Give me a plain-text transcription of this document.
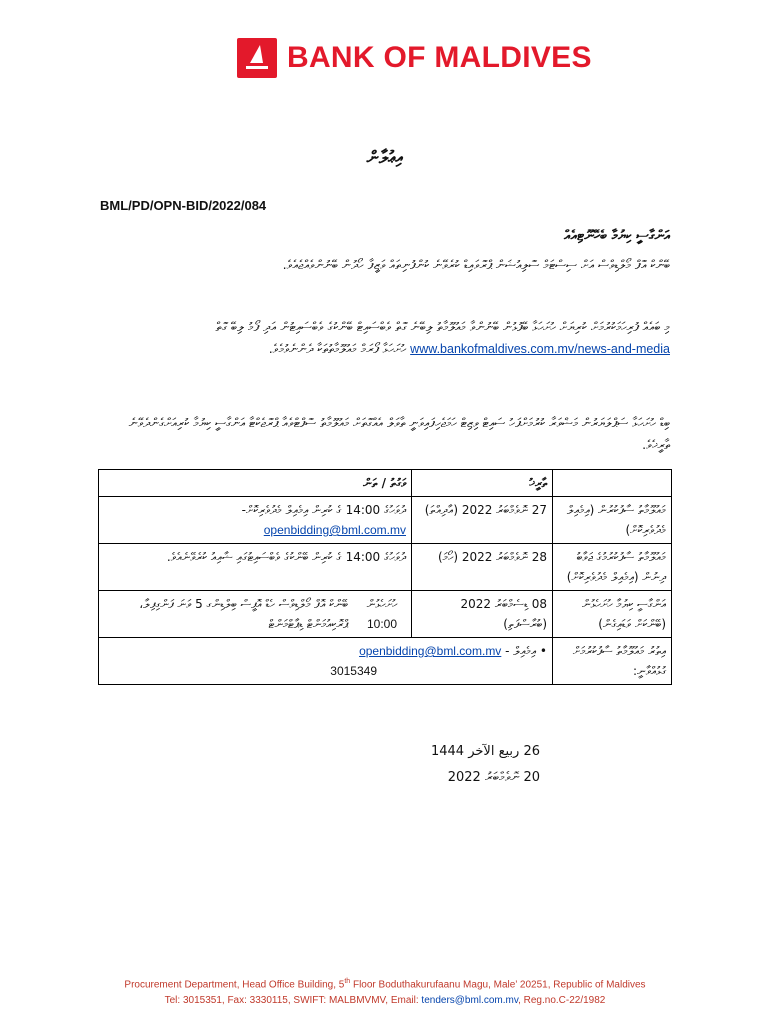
BANK OF MALDIVES
އިޢުލާން
BML/PD/OPN-BID/2022/084
އަންގާސީ ކިޔުމާ ބެހޭނޫޓިއެއް
ބޭންކް އޮފް މޯލްޑިވްސް އަށް ސިސްޓަމް ސޮލިއުޝަން ޕްރޮވައިޑް ކުރެވޭނެ ކުންފުނިތައް ވަޒީފާ ހޯދުން ބޭނުންވެއްޖެއެވެ.
މި ބައެއް ފުރިހަމަކުރުމަށް ކުރިޔަށް ހުށަހަޅާ ބޭފުޅުން ބޭނުންވާ މައުލޫމާތު ލިބޭނެ ގޮތް ވެބްސައިޓް ބޭންކުގެ ވެބްސައިޓުން އަދި ފޯމު ލިބޭ ގޮތް www.bankofmaldives.com.mv/news-and-media ހުށަހަޅާ ފޯރަމް މައުލޫމާތުތަކާ ދެންނެވުމެވެ.
ބިޑް ހުށަހަޅާ ސަޕްލަޔަރުން މަޝްވަރާ ކުރުމަށްފަހު ސައިޓް ވިޒިޓް ހަމަޖެހިފައިވަނީ ތާވަލް އެއްގޮތަށް މައުލޫމާތު ސޮފްޓްވެއާ ޕްރޮޖެކްޓާ އަންގާސީ ކިޔުމާ ކުރިއަށްގެންދެވޭނެ ތާރީޚެވެ.
	ތާރީޚު	ވަގުތު / ތަން
މައުލޫމާތު ސާފުކުރުން (އިމެއިލް މެދުވެރިކޮށް)	27 ނޮވެމްބަރު 2022 (އާދިއްތަ)	ދުވަހުގެ 14:00 ގެ ކުރިން އިމެއިލް މެދުވެރިކޮށް-
openbidding@bml.com.mv
މައުލޫމާތު ސާފުކުރުމުގެ ޖަވާބު ދިނުން (އިމެއިލް މެދުވެރިކޮށް)	28 ނޮވެމްބަރު 2022 (ހޯމަ)	ދުވަހުގެ 14:00 ގެ ކުރިން ބޭންކުގެ ވެބްސައިޓުގައި ޝާއިއު ކުރެވޭނެއެވެ.
އަންގާސީ ކިޔުމާ ހުށަހެޅުން (ބޭންކަށް ވަޑައިގެން)	08 ޑިސެމްބަރު 2022 (ބުރާސްފަތި)	ހުށަހެޅުން
10:00
ބޭންކް އޮފް މޯލްޑިވްސް ހެޑް އޮފީސް ބިލްޑިންގ 5 ވަނަ ފަންގިފިލާ، ޕްރޮކިއުމަންޓް ޑިޕާޓްމަންޓް

އިތުރު މައުލޫމާތު ސާފުކުރުމަށް ގުޅުއްވާނީ:	• އިމެއިލް - openbidding@bml.com.mv
3015349	
26 ربيع الآخر 1444
20 ނޮވެމްބަރު 2022
Procurement Department, Head Office Building, 5th Floor Boduthakurufaanu Magu, Male’ 20251, Republic of Maldives
Tel: 3015351, Fax: 3330115, SWIFT: MALBMVMV, Email: tenders@bml.com.mv, Reg.no.C-22/1982
